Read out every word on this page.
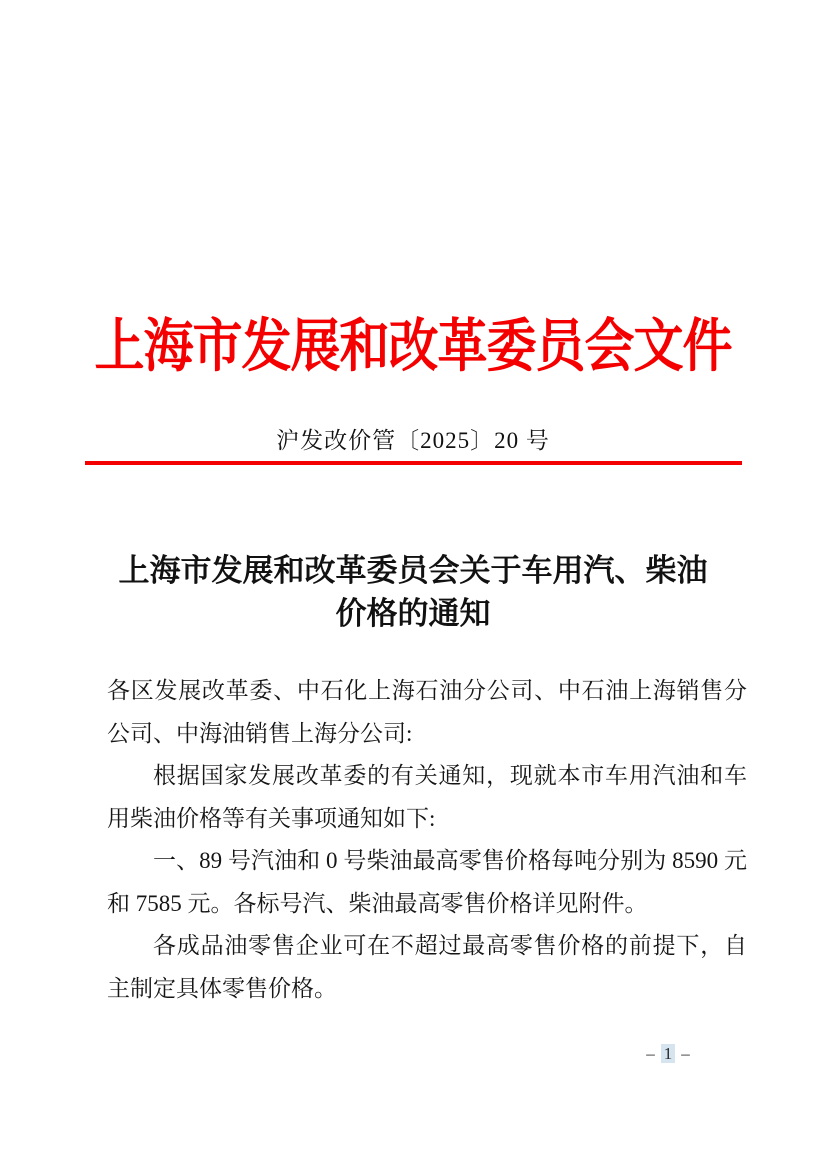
上海市发展和改革委员会文件
沪发改价管〔2025〕20 号
上海市发展和改革委员会关于车用汽、柴油
价格的通知

各区发展改革委、中石化上海石油分公司、中石油上海销售分公司、中海油销售上海分公司:

根据国家发展改革委的有关通知，现就本市车用汽油和车用柴油价格等有关事项通知如下:

一、89 号汽油和 0 号柴油最高零售价格每吨分别为 8590 元和 7585 元。各标号汽、柴油最高零售价格详见附件。

各成品油零售企业可在不超过最高零售价格的前提下，自主制定具体零售价格。

– 1 –
